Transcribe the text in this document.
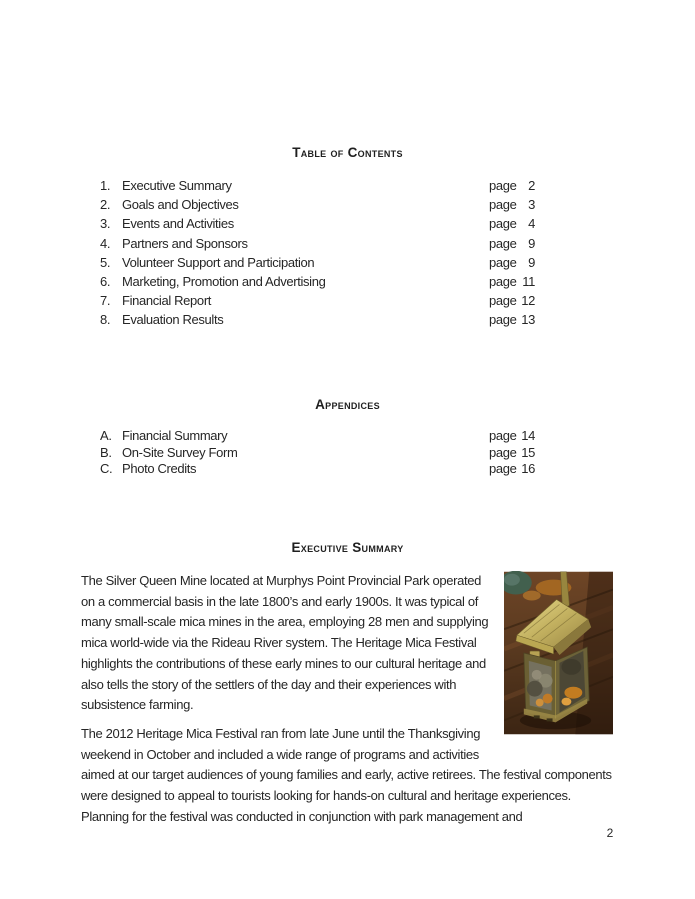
Table of Contents
1. Executive Summary	page 2
2. Goals and Objectives	page 3
3. Events and Activities	page 4
4. Partners and Sponsors	page 9
5. Volunteer Support and Participation	page 9
6. Marketing, Promotion and Advertising	page 11
7. Financial Report	page 12
8. Evaluation Results	page 13
Appendices
A. Financial Summary	page 14
B. On-Site Survey Form	page 15
C. Photo Credits	page 16
Executive Summary

The Silver Queen Mine located at Murphys Point Provincial Park operated on a commercial basis in the late 1800’s and early 1900s. It was typical of many small-scale mica mines in the area, employing 28 men and supplying mica world-wide via the Rideau River system. The Heritage Mica Festival highlights the contributions of these early mines to our cultural heritage and also tells the story of the settlers of the day and their experiences with subsistence farming.

The 2012 Heritage Mica Festival ran from late June until the Thanksgiving weekend in October and included a wide range of programs and activities aimed at our target audiences of young families and early, active retirees. The festival components were designed to appeal to tourists looking for hands-on cultural and heritage experiences. Planning for the festival was conducted in conjunction with park management and

2
